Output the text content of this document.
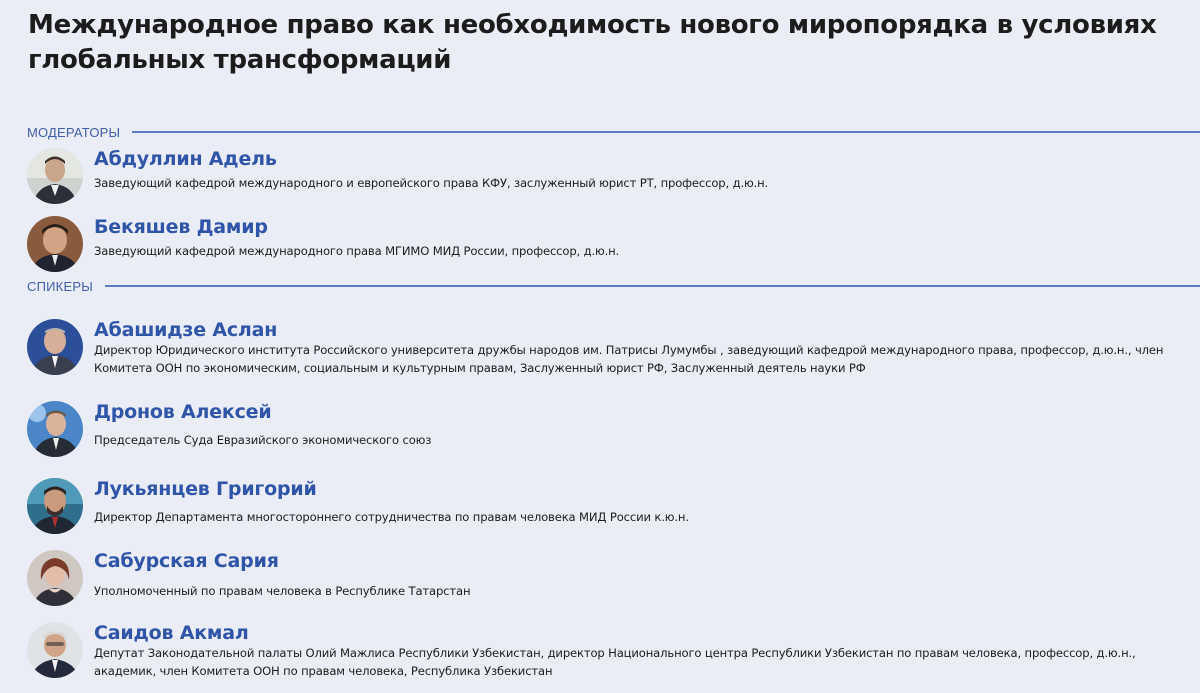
Международное право как необходимость нового миропорядка в условиях глобальных трансформаций
МОДЕРАТОРЫ
Абдуллин Адель
Заведующий кафедрой международного и европейского права КФУ, заслуженный юрист РТ, профессор, д.ю.н.
Бекяшев Дамир
Заведующий кафедрой международного права МГИМО МИД России, профессор, д.ю.н.
СПИКЕРЫ
Абашидзе Аслан
Директор Юридического института Российского университета дружбы народов им. Патрисы Лумумбы , заведующий кафедрой международного права, профессор, д.ю.н., член Комитета ООН по экономическим, социальным и культурным правам, Заслуженный юрист РФ, Заслуженный деятель науки РФ
Дронов Алексей
Председатель Суда Евразийского экономического союз
Лукьянцев Григорий
Директор Департамента многостороннего сотрудничества по правам человека МИД России к.ю.н.
Сабурская Сария
Уполномоченный по правам человека в Республике Татарстан
Саидов Акмал
Депутат Законодательной палаты Олий Мажлиса Республики Узбекистан, директор Национального центра Республики Узбекистан по правам человека, профессор, д.ю.н., академик, член Комитета ООН по правам человека, Республика Узбекистан
